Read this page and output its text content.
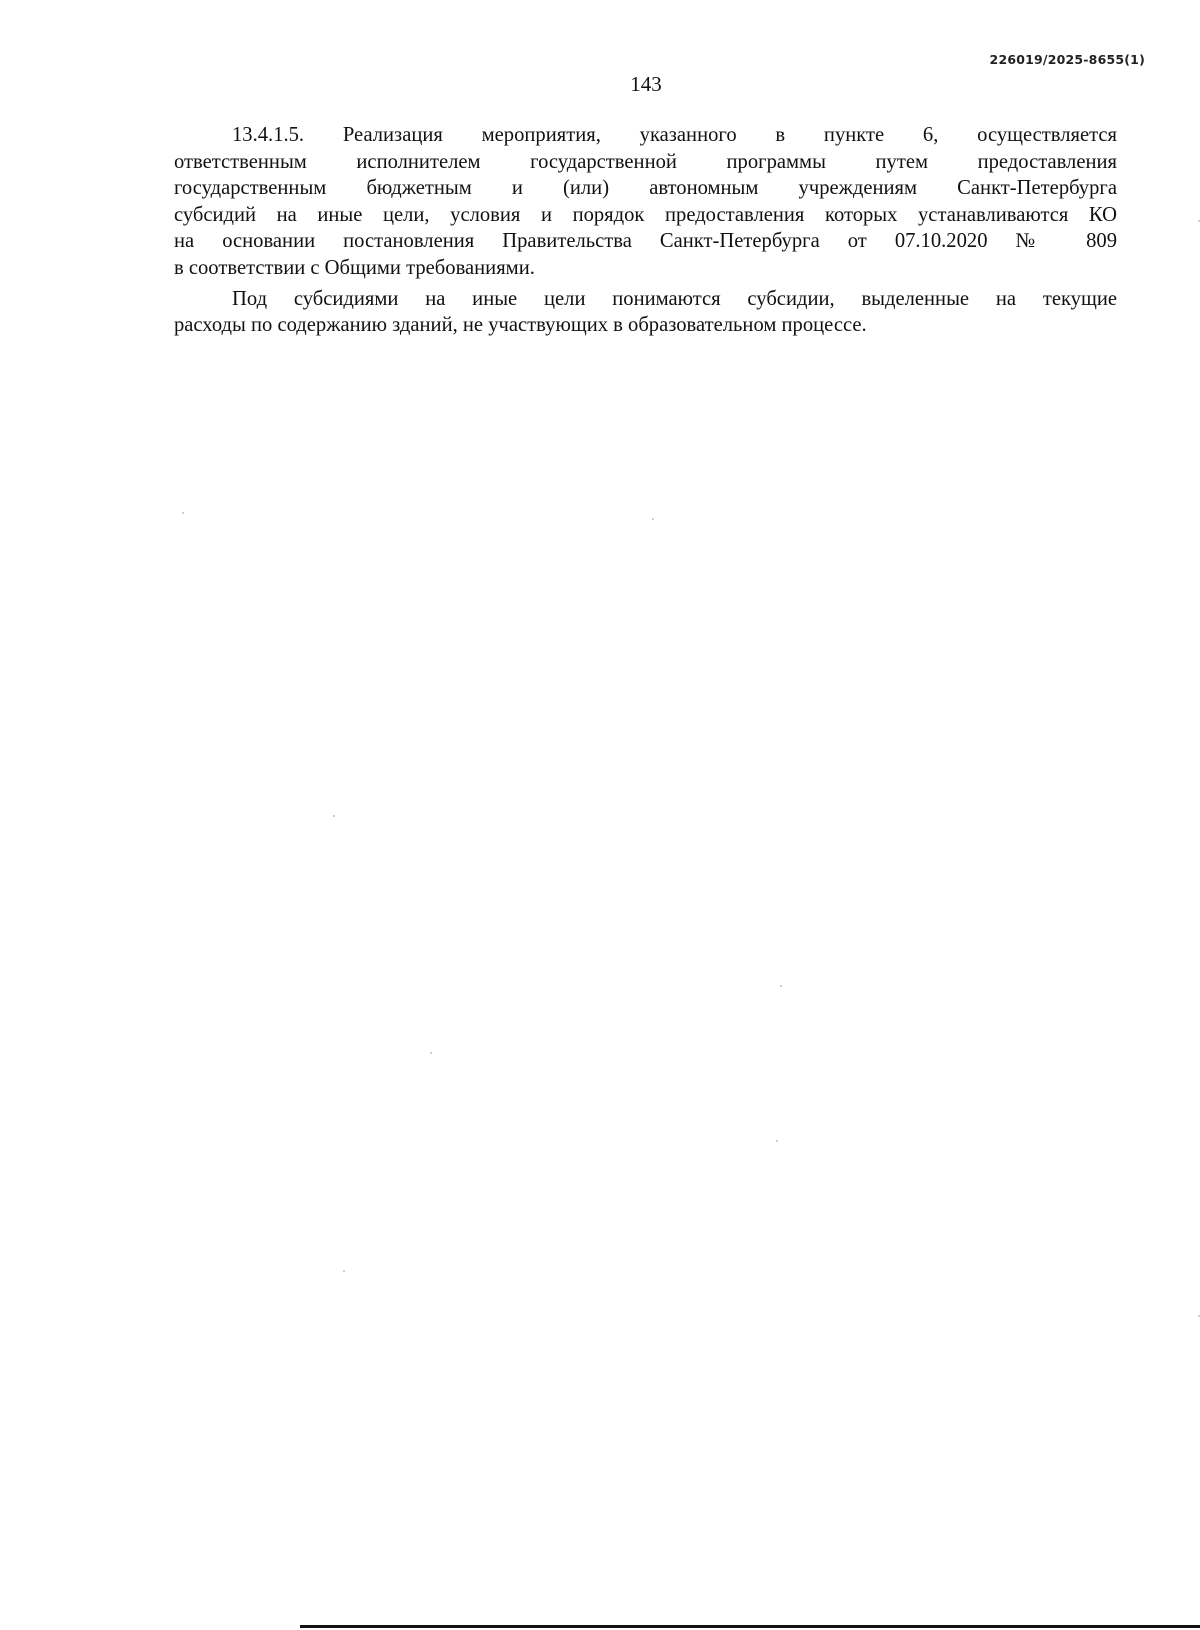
226019/2025-8655(1)
143

13.4.1.5. Реализация мероприятия, указанного в пункте 6, осуществляется
ответственным исполнителем государственной программы путем предоставления
государственным бюджетным и (или) автономным учреждениям Санкт-Петербурга
субсидий на иные цели, условия и порядок предоставления которых устанавливаются КО
на основании постановления Правительства Санкт-Петербурга от 07.10.2020 № 809
в соответствии с Общими требованиями.

Под субсидиями на иные цели понимаются субсидии, выделенные на текущие
расходы по содержанию зданий, не участвующих в образовательном процессе.
